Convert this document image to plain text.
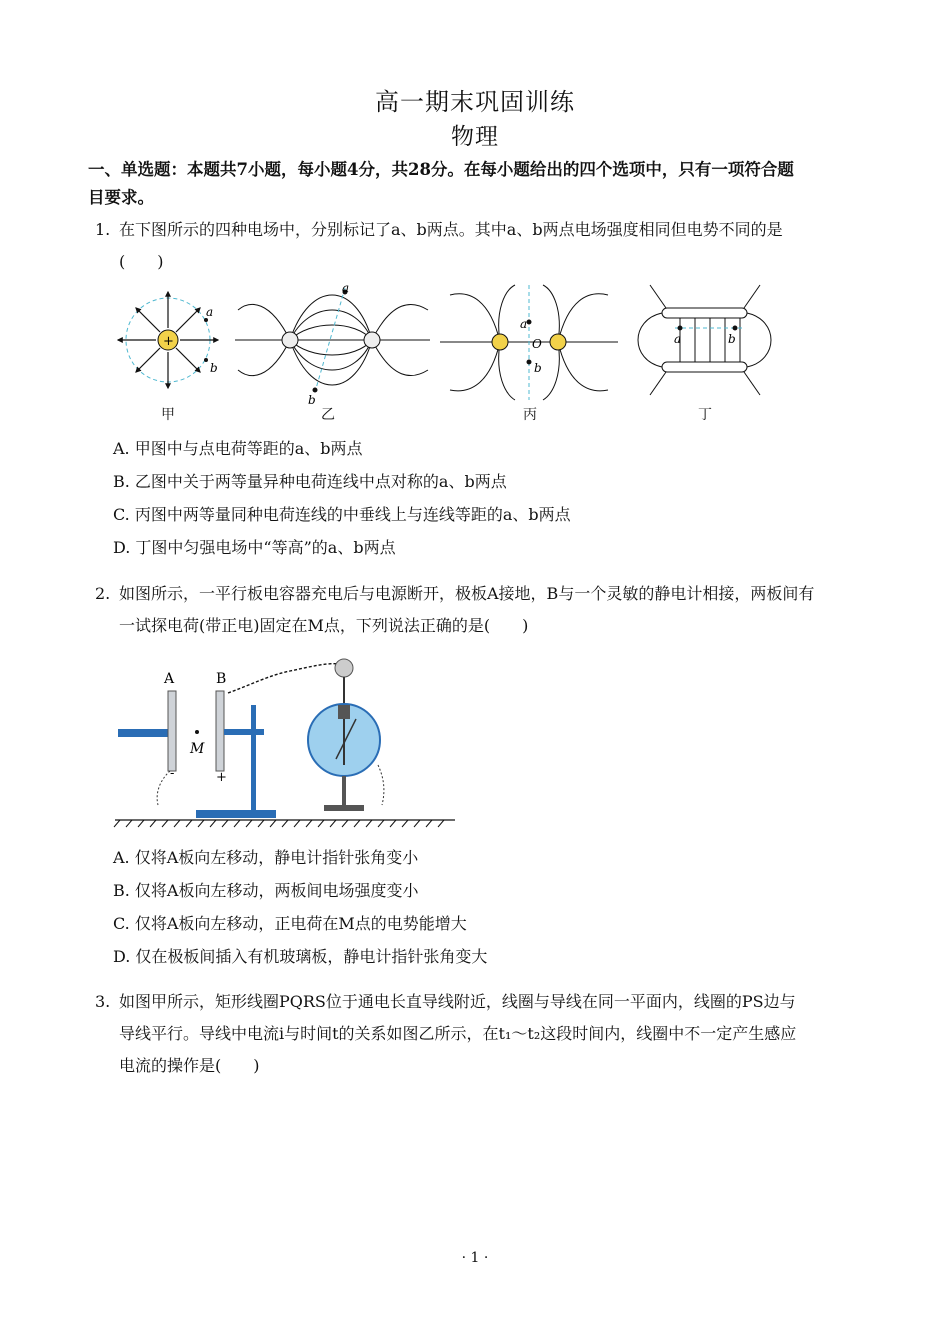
高一期末巩固训练
物理
一、单选题：本题共7小题，每小题4分，共28分。在每小题给出的四个选项中，只有一项符合题
目要求。
1. 在下图所示的四种电场中，分别标记了a、b两点。其中a、b两点电场强度相同但电势不同的是
(　　)
+
a
b
a
b
a
O
b
a	b
甲	乙	丙	丁
A. 甲图中与点电荷等距的a、b两点
B. 乙图中关于两等量异种电荷连线中点对称的a、b两点
C. 丙图中两等量同种电荷连线的中垂线上与连线等距的a、b两点
D. 丁图中匀强电场中“等高”的a、b两点
2. 如图所示，一平行板电容器充电后与电源断开，极板A接地，B与一个灵敏的静电计相接，两板间有
一试探电荷(带正电)固定在M点，下列说法正确的是(　　)
A
-
M
B
+
A. 仅将A板向左移动，静电计指针张角变小
B. 仅将A板向左移动，两板间电场强度变小
C. 仅将A板向左移动，正电荷在M点的电势能增大
D. 仅在极板间插入有机玻璃板，静电计指针张角变大
3. 如图甲所示，矩形线圈PQRS位于通电长直导线附近，线圈与导线在同一平面内，线圈的PS边与
导线平行。导线中电流i与时间t的关系如图乙所示，在t₁～t₂这段时间内，线圈中不一定产生感应
电流的操作是(　　)
· 1 ·
